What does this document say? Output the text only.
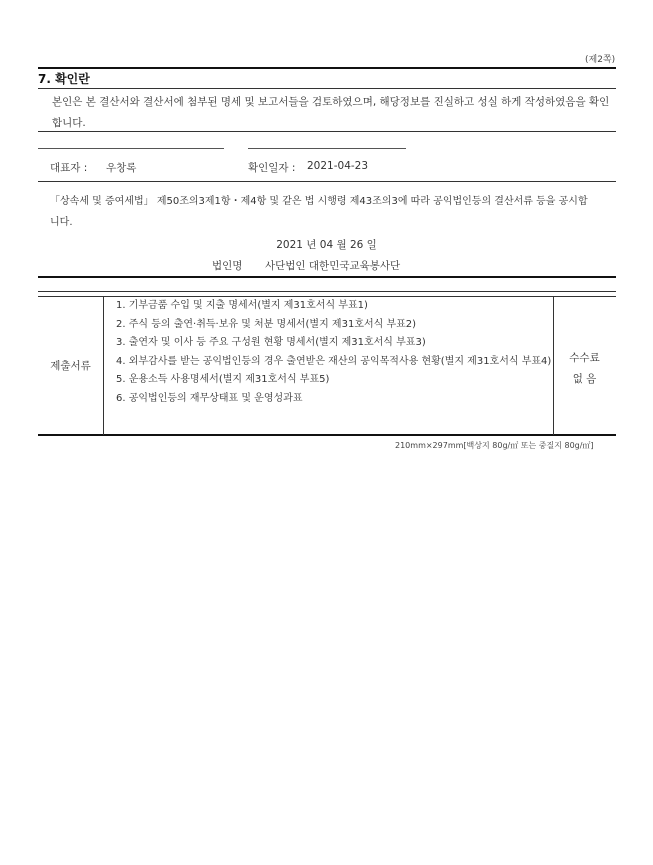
(제2쪽)
7. 확인란
본인은 본 결산서와 결산서에 첨부된 명세 및 보고서들을 검토하였으며, 해당정보를 진실하고 성실 하게 작성하였음을 확인합니다.
대표자 : 우창록	확인일자 : 2021-04-23
「상속세 및 증여세법」 제50조의3제1항・제4항 및 같은 법 시행령 제43조의3에 따라 공익법인등의 결산서류 등을 공시합니다.
2021 년 04 월 26 일
법인명 사단법인 대한민국교육봉사단
제출서류
1. 기부금품 수입 및 지출 명세서(별지 제31호서식 부표1)
2. 주식 등의 출연·취득·보유 및 처분 명세서(별지 제31호서식 부표2)
3. 출연자 및 이사 등 주요 구성원 현황 명세서(별지 제31호서식 부표3)
4. 외부감사를 받는 공익법인등의 경우 출연받은 재산의 공익목적사용 현황(별지 제31호서식 부표4)
5. 운용소득 사용명세서(별지 제31호서식 부표5)
6. 공익법인등의 재무상태표 및 운영성과표
수수료
없 음
210mm×297mm[백상지 80g/㎡ 또는 중질지 80g/㎡]
